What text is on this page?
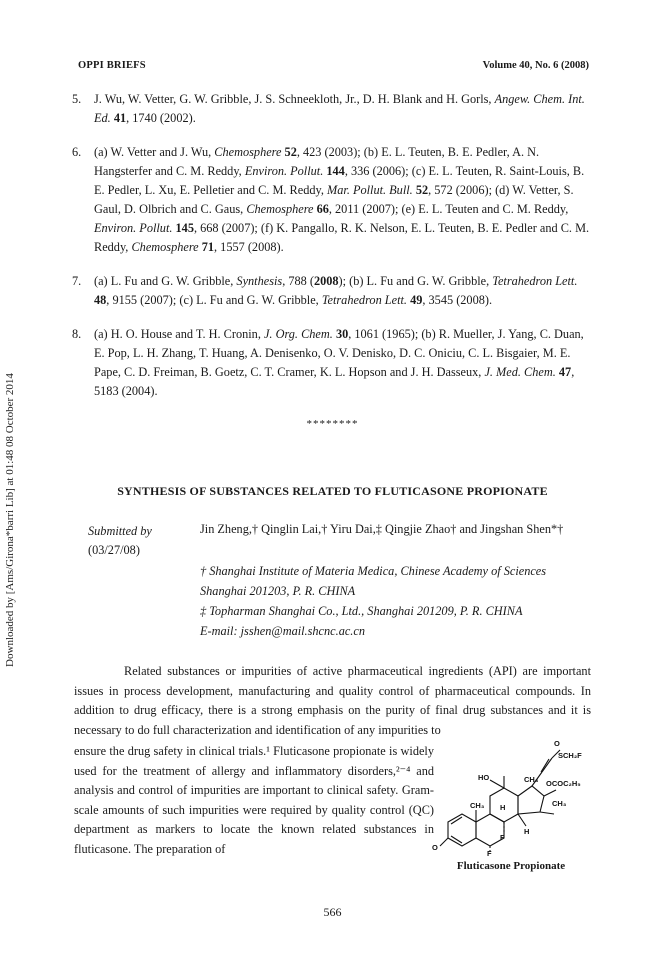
OPPI BRIEFS	Volume 40, No. 6 (2008)
Downloaded by [Ams/Girona*barri Lib] at 01:48 08 October 2014
5. J. Wu, W. Vetter, G. W. Gribble, J. S. Schneekloth, Jr., D. H. Blank and H. Gorls, Angew. Chem. Int. Ed. 41, 1740 (2002).
6. (a) W. Vetter and J. Wu, Chemosphere 52, 423 (2003); (b) E. L. Teuten, B. E. Pedler, A. N. Hangsterfer and C. M. Reddy, Environ. Pollut. 144, 336 (2006); (c) E. L. Teuten, R. Saint-Louis, B. E. Pedler, L. Xu, E. Pelletier and C. M. Reddy, Mar. Pollut. Bull. 52, 572 (2006); (d) W. Vetter, S. Gaul, D. Olbrich and C. Gaus, Chemosphere 66, 2011 (2007); (e) E. L. Teuten and C. M. Reddy, Environ. Pollut. 145, 668 (2007); (f) K. Pangallo, R. K. Nelson, E. L. Teuten, B. E. Pedler and C. M. Reddy, Chemosphere 71, 1557 (2008).
7. (a) L. Fu and G. W. Gribble, Synthesis, 788 (2008); (b) L. Fu and G. W. Gribble, Tetrahedron Lett. 48, 9155 (2007); (c) L. Fu and G. W. Gribble, Tetrahedron Lett. 49, 3545 (2008).
8. (a) H. O. House and T. H. Cronin, J. Org. Chem. 30, 1061 (1965); (b) R. Mueller, J. Yang, C. Duan, E. Pop, L. H. Zhang, T. Huang, A. Denisenko, O. V. Denisko, D. C. Oniciu, C. L. Bisgaier, M. E. Pape, C. D. Freiman, B. Goetz, C. T. Cramer, K. L. Hopson and J. H. Dasseux, J. Med. Chem. 47, 5183 (2004).
********
SYNTHESIS OF SUBSTANCES RELATED TO FLUTICASONE PROPIONATE
Submitted by
(03/27/08)
Jin Zheng,† Qinglin Lai,† Yiru Dai,‡ Qingjie Zhao† and Jingshan Shen*†
† Shanghai Institute of Materia Medica, Chinese Academy of Sciences
Shanghai 201203, P. R. CHINA
‡ Topharman Shanghai Co., Ltd., Shanghai 201209, P. R. CHINA
E-mail: jsshen@mail.shcnc.ac.cn
Related substances or impurities of active pharmaceutical ingredients (API) are important issues in process development, manufacturing and quality control of pharmaceutical compounds. In addition to drug efficacy, there is a strong emphasis on the purity of final drug substances and it is necessary to do full characterization and identification of any impurities to
ensure the drug safety in clinical trials.¹ Fluticasone propionate is widely used for the treatment of allergy and inflammatory disorders,²⁻⁴ and analysis and control of impurities are important to clinical safety. Gram-scale amounts of such impurities were required by quality control (QC) department as markers to locate the known related substances in fluticasone. The preparation of
O
SCH₂F
CH₃ OCOC₂H₅
HO
CH₃ H	CH₃
F
H
O
F
Fluticasone Propionate
566
